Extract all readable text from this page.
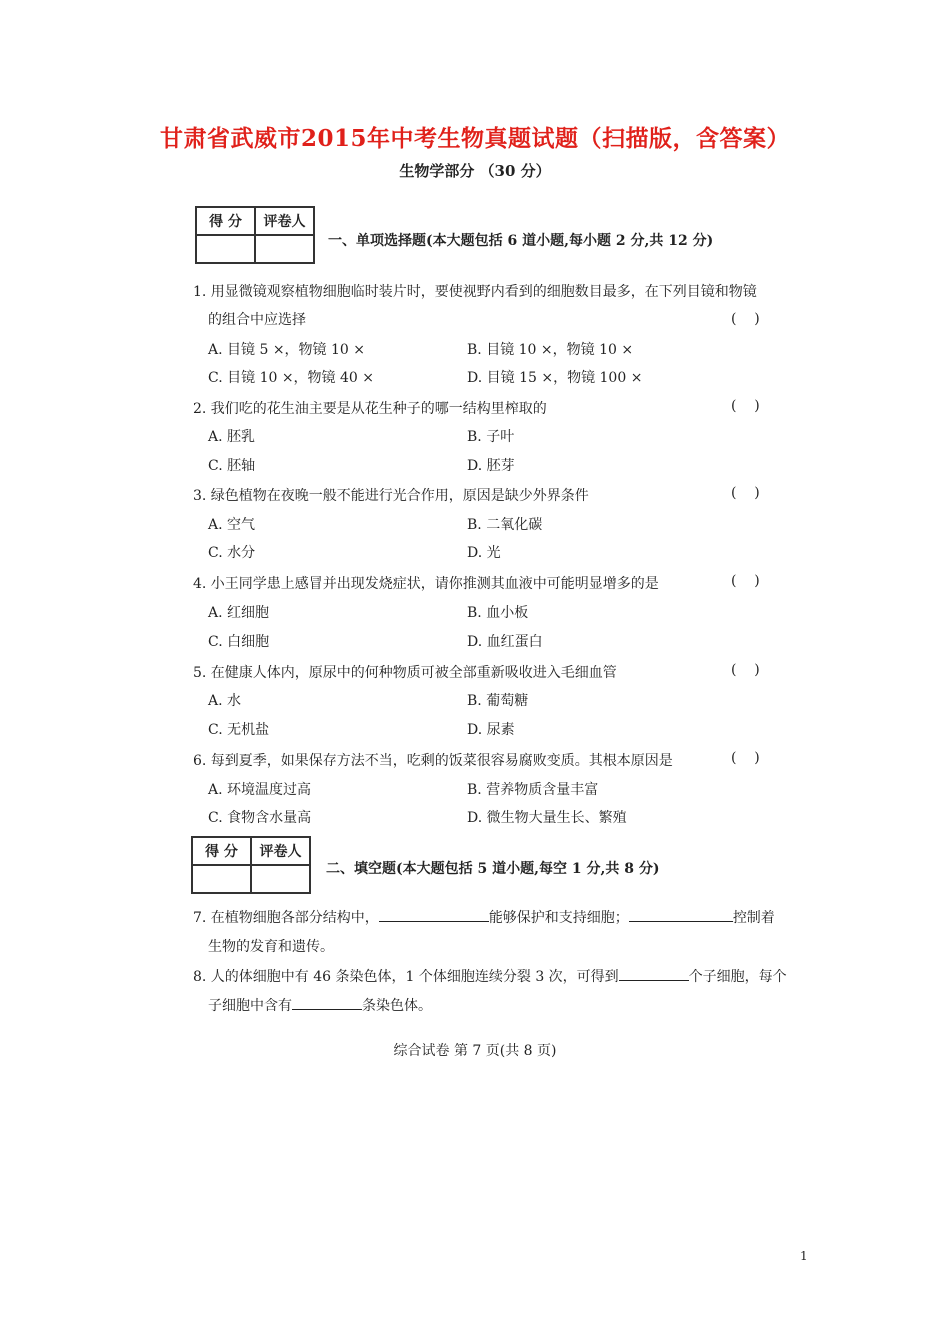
甘肃省武威市2015年中考生物真题试题（扫描版，含答案）
生物学部分 （30 分）
得 分	评卷人
一、单项选择题(本大题包括 6 道小题,每小题 2 分,共 12 分)
1. 用显微镜观察植物细胞临时装片时，要使视野内看到的细胞数目最多，在下列目镜和物镜
的组合中应选择	(    )
A. 目镜 5 ×，物镜 10 ×	B. 目镜 10 ×，物镜 10 ×
C. 目镜 10 ×，物镜 40 ×	D. 目镜 15 ×，物镜 100 ×
2. 我们吃的花生油主要是从花生种子的哪一结构里榨取的	(    )
A. 胚乳	B. 子叶
C. 胚轴	D. 胚芽
3. 绿色植物在夜晚一般不能进行光合作用，原因是缺少外界条件	(    )
A. 空气	B. 二氧化碳
C. 水分	D. 光
4. 小王同学患上感冒并出现发烧症状，请你推测其血液中可能明显增多的是	(    )
A. 红细胞	B. 血小板
C. 白细胞	D. 血红蛋白
5. 在健康人体内，原尿中的何种物质可被全部重新吸收进入毛细血管	(    )
A. 水	B. 葡萄糖
C. 无机盐	D. 尿素
6. 每到夏季，如果保存方法不当，吃剩的饭菜很容易腐败变质。其根本原因是	(    )
A. 环境温度过高	B. 营养物质含量丰富
C. 食物含水量高	D. 微生物大量生长、繁殖
得 分	评卷人
二、填空题(本大题包括 5 道小题,每空 1 分,共 8 分)
7. 在植物细胞各部分结构中，	能够保护和支持细胞；	控制着
生物的发育和遗传。
8. 人的体细胞中有 46 条染色体，1 个体细胞连续分裂 3 次，可得到	个子细胞，每个
子细胞中含有	条染色体。
综合试卷 第 7 页(共 8 页)
1
